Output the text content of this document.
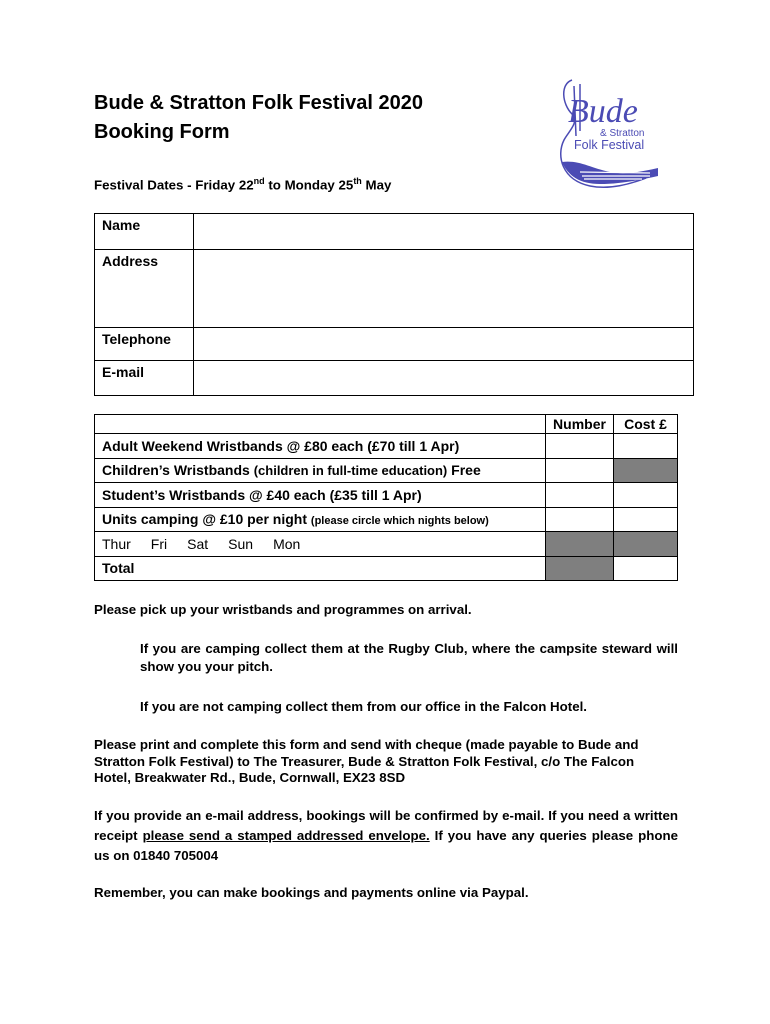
Bude & Stratton Folk Festival 2020
Booking Form
Bude
& Stratton
Folk Festival
Festival Dates - Friday 22nd to Monday 25th May
Name	
Address	
Telephone	
E-mail	
	Number	Cost £
Adult Weekend Wristbands @ £80 each (£70 till 1 Apr)		
Children’s Wristbands (children in full-time education) Free		
Student’s Wristbands @ £40 each (£35 till 1 Apr)		
Units camping @ £10 per night (please circle which nights below)		
Thur Fri Sat Sun Mon		
Total		

Please pick up your wristbands and programmes on arrival.

If you are camping collect them at the Rugby Club, where the campsite steward will show you your pitch.

If you are not camping collect them from our office in the Falcon Hotel.

Please print and complete this form and send with cheque (made payable to Bude and Stratton Folk Festival) to The Treasurer, Bude & Stratton Folk Festival, c/o The Falcon Hotel, Breakwater Rd., Bude, Cornwall, EX23 8SD

If you provide an e-mail address, bookings will be confirmed by e-mail. If you need a written receipt please send a stamped addressed envelope. If you have any queries please phone us on 01840 705004

Remember, you can make bookings and payments online via Paypal.
